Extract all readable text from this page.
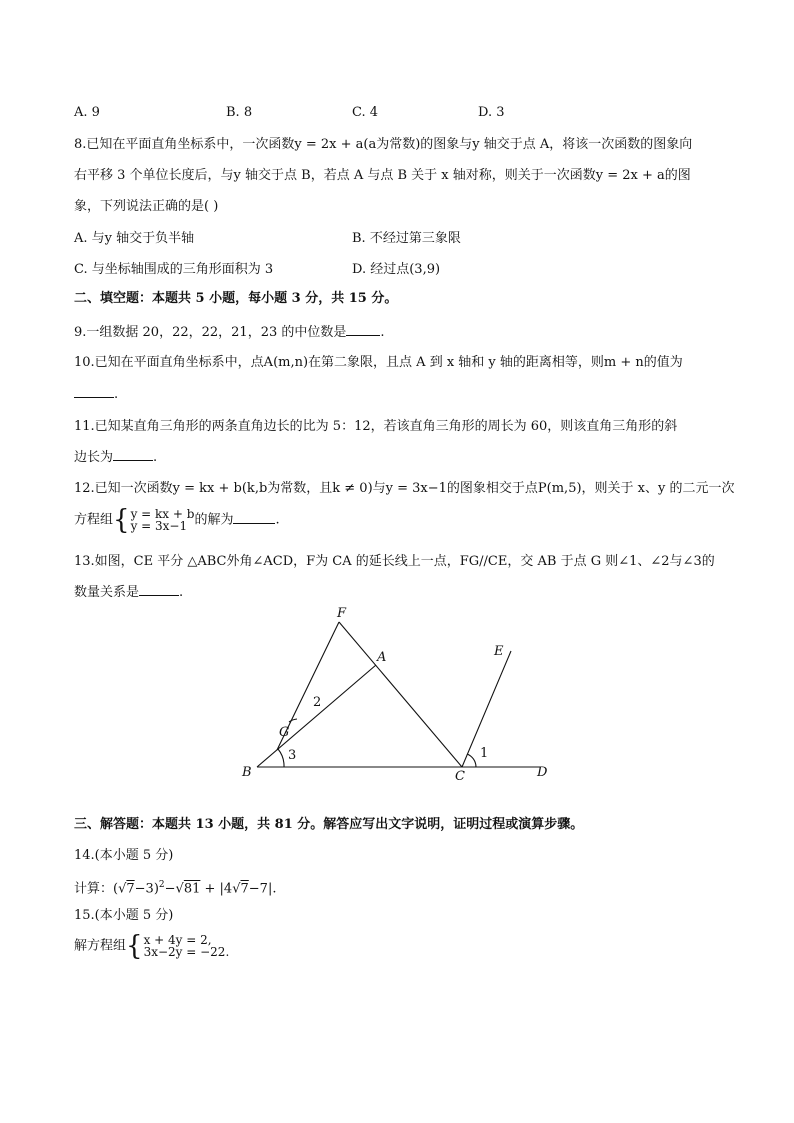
A. 9	B. 8	C. 4	D. 3
8.已知在平面直角坐标系中，一次函数y = 2x + a(a为常数)的图象与y 轴交于点 A，将该一次函数的图象向
右平移 3 个单位长度后，与y 轴交于点 B，若点 A 与点 B 关于 x 轴对称，则关于一次函数y = 2x + a的图
象，下列说法正确的是( )
A. 与y 轴交于负半轴	B. 不经过第三象限
C. 与坐标轴围成的三角形面积为 3	D. 经过点(3,9)
二、填空题：本题共 5 小题，每小题 3 分，共 15 分。
9.一组数据 20，22，22，21，23 的中位数是	.
10.已知在平面直角坐标系中，点A(m,n)在第二象限，且点 A 到 x 轴和 y 轴的距离相等，则m + n的值为
.
11.已知某直角三角形的两条直角边长的比为 5：12，若该直角三角形的周长为 60，则该直角三角形的斜
边长为	.
12.已知一次函数y = kx + b(k,b为常数，且k ≠ 0)与y = 3x−1的图象相交于点P(m,5)，则关于 x、y 的二元一次
方程组{ y = kx + b
y = 3x−1 的解为	.
13.如图，CE 平分 △ABC外角∠ACD，F为 CA 的延长线上一点，FG//CE，交 AB 于点 G 则∠1、∠2与∠3的
数量关系是	.
F
A	E
G
B	C	D
1
2
3
三、解答题：本题共 13 小题，共 81 分。解答应写出文字说明，证明过程或演算步骤。
14.(本小题 5 分)
计算：$(√7-3)^2-√81 + |4√7-7|$.
15.(本小题 5 分)
解方程组{ x + 4y = 2,
3x−2y = −22.
